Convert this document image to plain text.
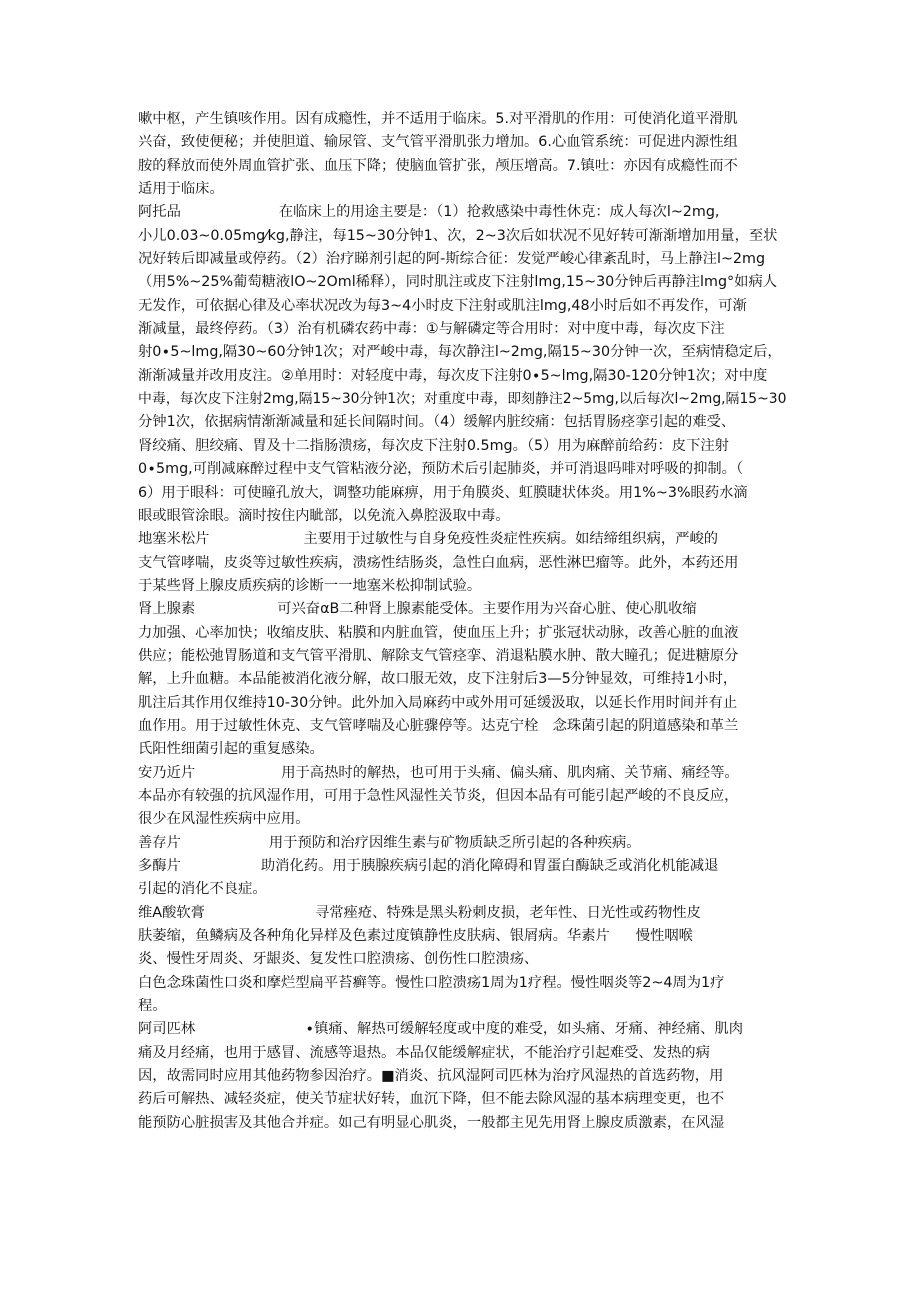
嗽中枢，产生镇咳作用。因有成瘾性，并不适用于临床。5.对平滑肌的作用：可使消化道平滑肌
兴奋，致使便秘；并使胆道、输尿管、支气管平滑肌张力增加。6.心血管系统：可促进内源性组
胺的释放而使外周血管扩张、血压下降；使脑血管扩张，颅压增高。7.镇吐：亦因有成瘾性而不
适用于临床。
阿托品	在临床上的用途主要是：（1）抢救感染中毒性休克：成人每次l~2mg,
小儿0.03~0.05mg⁄kg,静注，每15~30分钟1、次，2~3次后如状况不见好转可渐渐增加用量，至状
况好转后即减量或停药。（2）治疗睇剂引起的阿-斯综合征：发觉严峻心律紊乱时，马上静注l~2mg
（用5%~25%葡萄糖液lO~2Oml稀释），同时肌注或皮下注射lmg,15~30分钟后再静注lmg°如病人
无发作，可依据心律及心率状况改为每3~4小时皮下注射或肌注lmg,48小时后如不再发作，可渐
渐减量，最终停药。（3）治有机磷农药中毒：①与解磷定等合用时：对中度中毒，每次皮下注
射0∙5~lmg,隔30~60分钟1次；对严峻中毒，每次静注l~2mg,隔15~30分钟一次，至病情稳定后，
渐渐减量并改用皮注。②单用时：对轻度中毒，每次皮下注射0∙5~lmg,隔30-120分钟1次；对中度
中毒，每次皮下注射2mg,隔15~30分钟1次；对重度中毒，即刻静注2~5mg,以后每次l~2mg,隔15~30
分钟1次，依据病情渐渐减量和延长间隔时间。（4）缓解内脏绞痛：包括胃肠痉挛引起的难受、
肾绞痛、胆绞痛、胃及十二指肠溃疡，每次皮下注射0.5mg。（5）用为麻醉前给药：皮下注射
0∙5mg,可削减麻醉过程中支气管粘液分泌，预防术后引起肺炎，并可消退吗啡对呼吸的抑制。（
6）用于眼科：可使瞳孔放大，调整功能麻痹，用于角膜炎、虹膜睫状体炎。用1%~3%眼药水滴
眼或眼管涂眼。滴时按住内眦部，以免流入鼻腔汲取中毒。
地塞米松片	主要用于过敏性与自身免疫性炎症性疾病。如结缔组织病，严峻的
支气管哮喘，皮炎等过敏性疾病，溃疡性结肠炎，急性白血病，恶性淋巴瘤等。此外，本药还用
于某些肾上腺皮质疾病的诊断一一地塞米松抑制试验。
肾上腺素	可兴奋αB二种肾上腺素能受体。主要作用为兴奋心脏、使心肌收缩
力加强、心率加快；收缩皮肤、粘膜和内脏血管，使血压上升；扩张冠状动脉，改善心脏的血液
供应；能松弛胃肠道和支气管平滑肌、解除支气管痉挛、消退粘膜水肿、散大瞳孔；促进糖原分
解，上升血糖。本品能被消化液分解，故口服无效，皮下注射后3—5分钟显效，可维持1小时，
肌注后其作用仅维持10-30分钟。此外加入局麻药中或外用可延缓汲取，以延长作用时间并有止
血作用。用于过敏性休克、支气管哮喘及心脏骤停等。达克宁栓　念珠菌引起的阴道感染和革兰
氏阳性细菌引起的重复感染。
安乃近片	用于高热时的解热，也可用于头痛、偏头痛、肌肉痛、关节痛、痛经等。
本品亦有较强的抗风湿作用，可用于急性风湿性关节炎，但因本品有可能引起严峻的不良反应，
很少在风湿性疾病中应用。
善存片	用于预防和治疗因维生素与矿物质缺乏所引起的各种疾病。
多酶片	助消化药。用于胰腺疾病引起的消化障碍和胃蛋白酶缺乏或消化机能减退
引起的消化不良症。
维A酸软膏	寻常痤疮、特殊是黑头粉刺皮损，老年性、日光性或药物性皮
肤萎缩，鱼鳞病及各种角化异样及色素过度镇静性皮肤病、银屑病。华素片 慢性咽喉
炎、慢性牙周炎、牙龈炎、复发性口腔溃疡、创伤性口腔溃疡、
白色念珠菌性口炎和摩烂型扁平苔癣等。慢性口腔溃疡1周为1疗程。慢性咽炎等2~4周为1疗
程。
阿司匹林	∙镇痛、解热可缓解轻度或中度的难受，如头痛、牙痛、神经痛、肌肉
痛及月经痛，也用于感冒、流感等退热。本品仅能缓解症状，不能治疗引起难受、发热的病
因，故需同时应用其他药物参因治疗。■消炎、抗风湿阿司匹林为治疗风湿热的首选药物，用
药后可解热、减轻炎症，使关节症状好转，血沉下降，但不能去除风湿的基本病理变更，也不
能预防心脏损害及其他合并症。如己有明显心肌炎，一般都主见先用肾上腺皮质激素，在风湿
